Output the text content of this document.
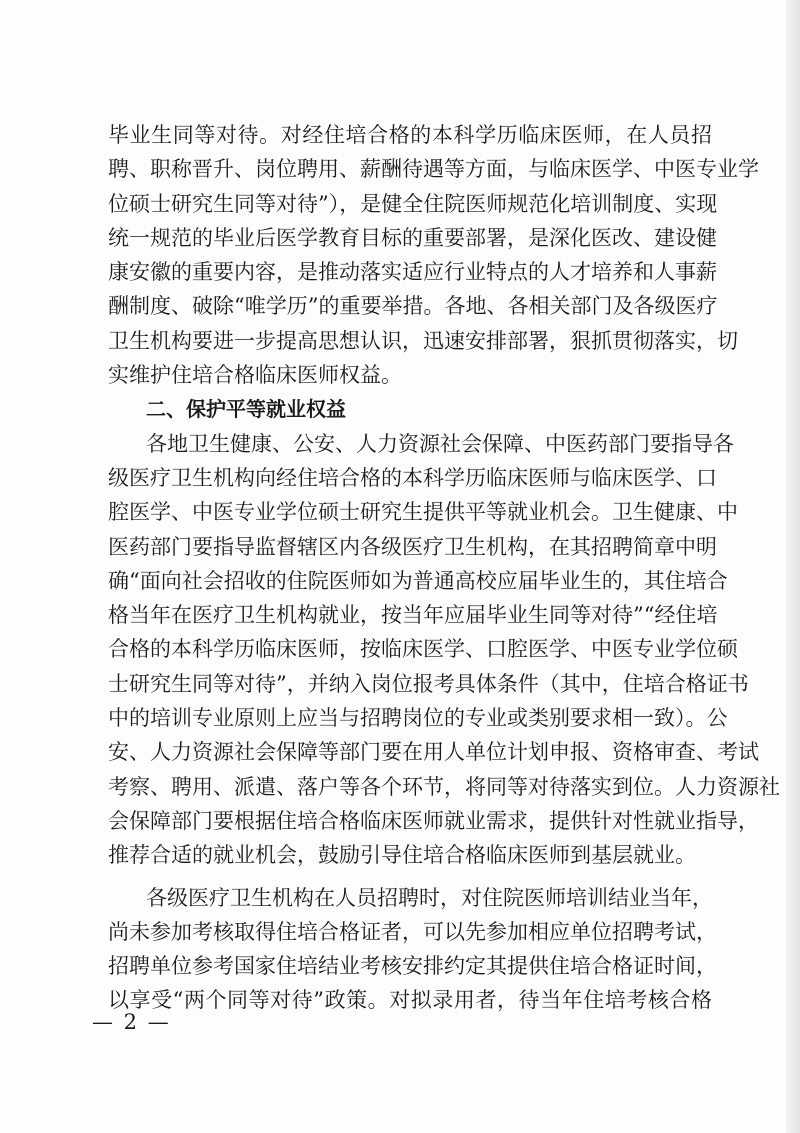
毕业生同等对待。对经住培合格的本科学历临床医师，在人员招
聘、职称晋升、岗位聘用、薪酬待遇等方面，与临床医学、中医专业学
位硕士研究生同等对待”），是健全住院医师规范化培训制度、实现
统一规范的毕业后医学教育目标的重要部署，是深化医改、建设健
康安徽的重要内容，是推动落实适应行业特点的人才培养和人事薪
酬制度、破除“唯学历”的重要举措。各地、各相关部门及各级医疗
卫生机构要进一步提高思想认识，迅速安排部署，狠抓贯彻落实，切
实维护住培合格临床医师权益。
二、保护平等就业权益
各地卫生健康、公安、人力资源社会保障、中医药部门要指导各
级医疗卫生机构向经住培合格的本科学历临床医师与临床医学、口
腔医学、中医专业学位硕士研究生提供平等就业机会。卫生健康、中
医药部门要指导监督辖区内各级医疗卫生机构，在其招聘简章中明
确“面向社会招收的住院医师如为普通高校应届毕业生的，其住培合
格当年在医疗卫生机构就业，按当年应届毕业生同等对待”“经住培
合格的本科学历临床医师，按临床医学、口腔医学、中医专业学位硕
士研究生同等对待”，并纳入岗位报考具体条件（其中，住培合格证书
中的培训专业原则上应当与招聘岗位的专业或类别要求相一致）。公
安、人力资源社会保障等部门要在用人单位计划申报、资格审查、考试
考察、聘用、派遣、落户等各个环节，将同等对待落实到位。人力资源社
会保障部门要根据住培合格临床医师就业需求，提供针对性就业指导，
推荐合适的就业机会，鼓励引导住培合格临床医师到基层就业。
各级医疗卫生机构在人员招聘时，对住院医师培训结业当年，
尚未参加考核取得住培合格证者，可以先参加相应单位招聘考试，
招聘单位参考国家住培结业考核安排约定其提供住培合格证时间，
以享受“两个同等对待”政策。对拟录用者，待当年住培考核合格
— 2 —
